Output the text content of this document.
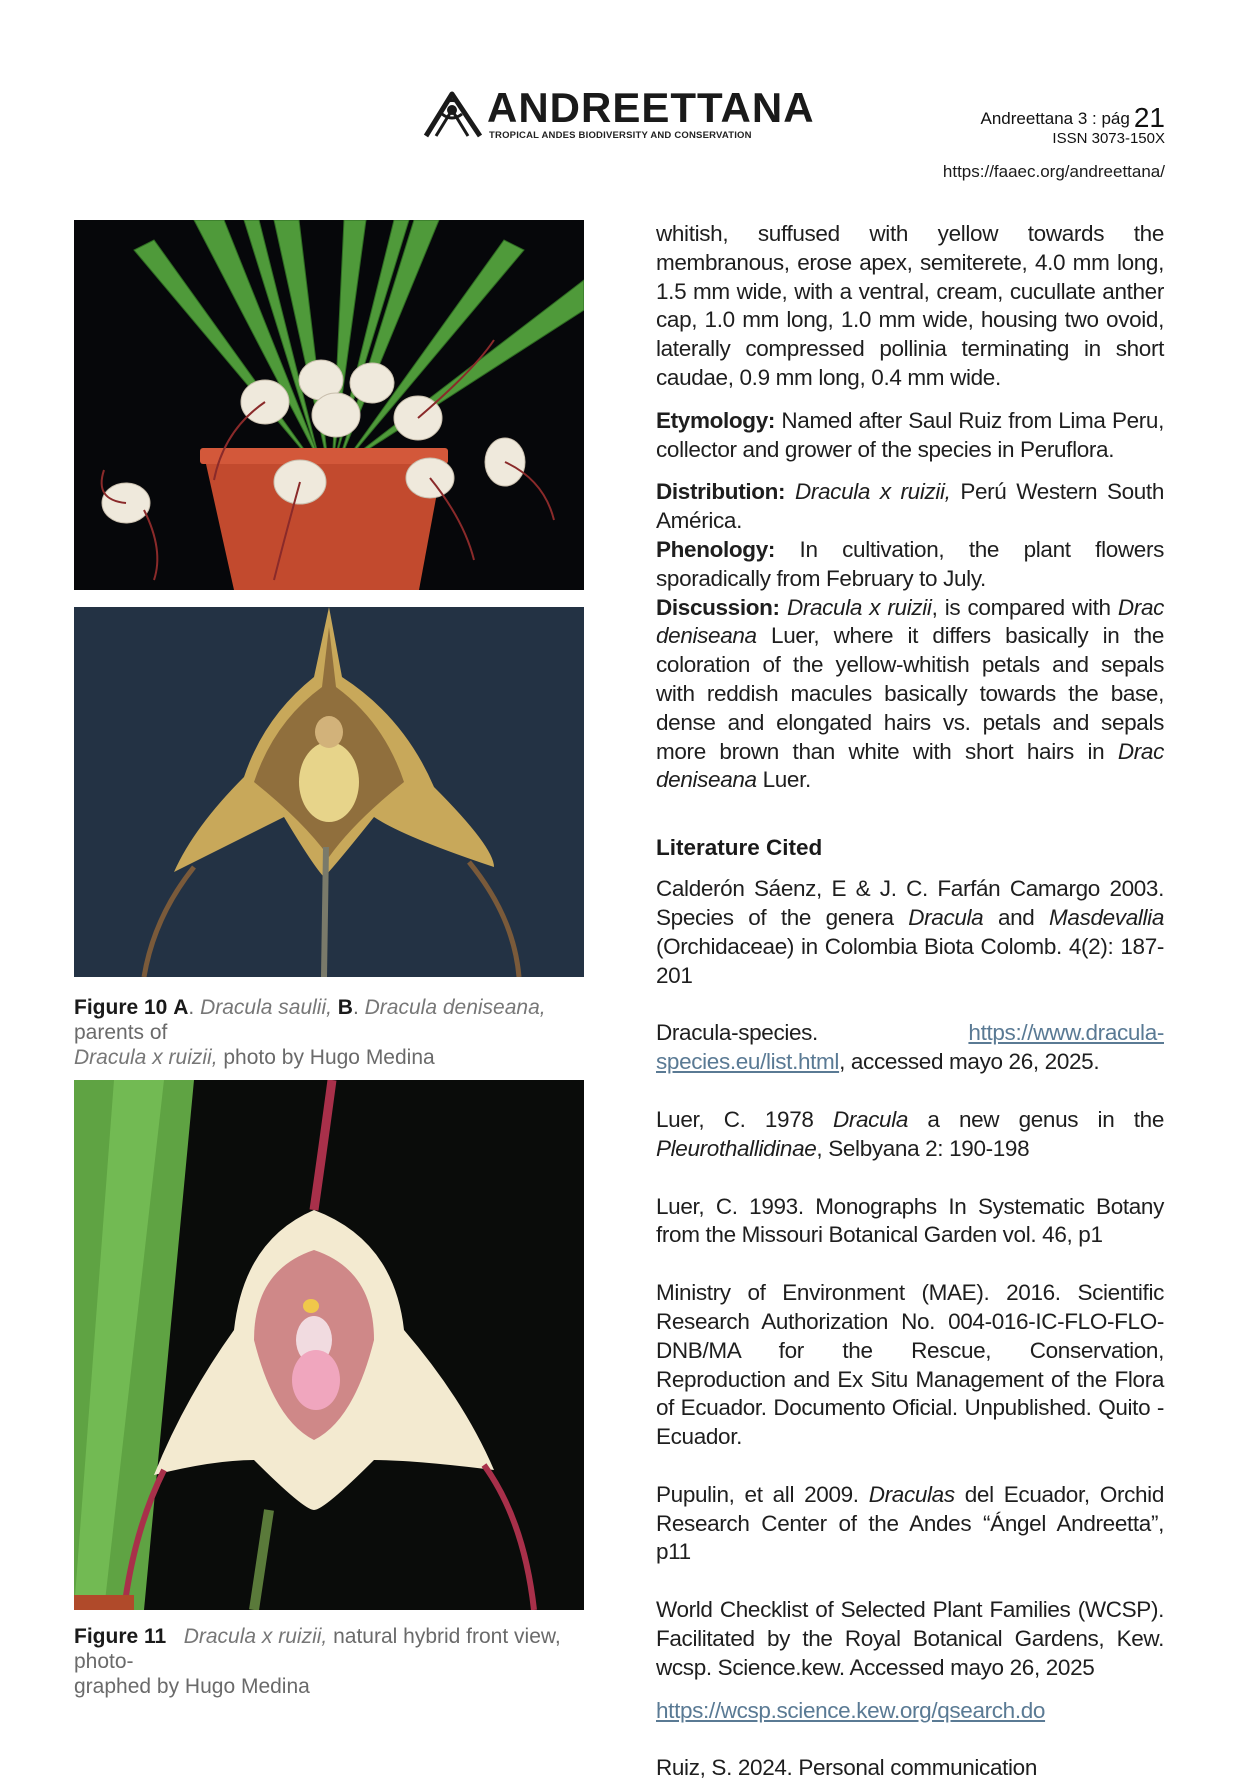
ANDREETTANA
TROPICAL ANDES BIODIVERSITY AND CONSERVATION
Andreettana 3 : pág 21
ISSN 3073-150X
https://faaec.org/andreettana/
Figure 10 A. Dracula saulii, B. Dracula deniseana, parents of
Dracula x ruizii, photo by Hugo Medina
Figure 11 Dracula x ruizii, natural hybrid front view, photo-
graphed by Hugo Medina

whitish, suffused with yellow towards the membranous, erose apex, semiterete, 4.0 mm long, 1.5 mm wide, with a ventral, cream, cucullate anther cap, 1.0 mm long, 1.0 mm wide, housing two ovoid, laterally compressed pollinia terminating in short caudae, 0.9 mm long, 0.4 mm wide.

Etymology: Named after Saul Ruiz from Lima Peru, collector and grower of the species in Peruflora.

Distribution: Dracula x ruizii, Perú Western South América.

Phenology: In cultivation, the plant flowers sporadically from February to July.

Discussion: Dracula x ruizii, is compared with Drac deniseana Luer, where it differs basically in the coloration of the yellow-whitish petals and sepals with reddish macules basically towards the base, dense and elongated hairs vs. petals and sepals more brown than white with short hairs in Drac deniseana Luer.

Literature Cited

Calderón Sáenz, E & J. C. Farfán Camargo 2003. Species of the genera Dracula and Masdevallia (Orchidaceae) in Colombia Biota Colomb. 4(2): 187-201

Dracula-species. https://www.dracula-species.eu/list.html, accessed mayo 26, 2025.

Luer, C. 1978 Dracula a new genus in the Pleurothallidinae, Selbyana 2: 190-198

Luer, C. 1993. Monographs In Systematic Botany from the Missouri Botanical Garden vol. 46, p1

Ministry of Environment (MAE). 2016. Scientific Research Authorization No. 004-016-IC-FLO-FLO-DNB/MA for the Rescue, Conservation, Reproduction and Ex Situ Management of the Flora of Ecuador. Documento Oficial. Unpublished. Quito - Ecuador.

Pupulin, et all 2009. Draculas del Ecuador, Orchid Research Center of the Andes “Ángel Andreetta”, p11

World Checklist of Selected Plant Families (WCSP). Facilitated by the Royal Botanical Gardens, Kew. wcsp. Science.kew. Accessed mayo 26, 2025

https://wcsp.science.kew.org/qsearch.do

Ruiz, S. 2024. Personal communication
